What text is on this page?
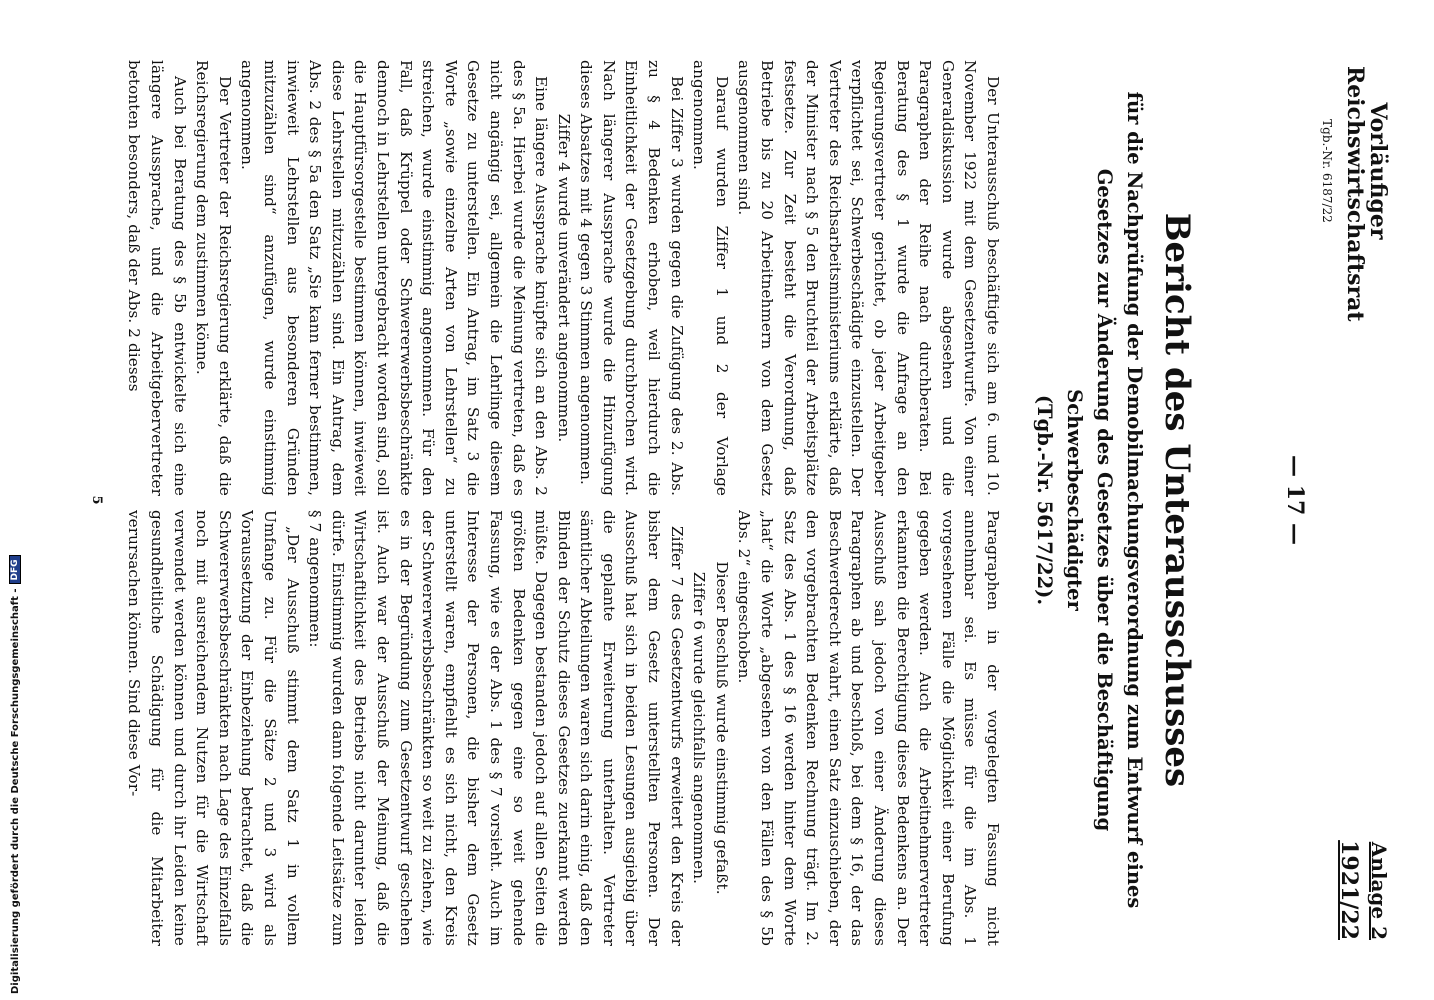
Vorläufiger
Reichswirtschaftsrat
Tgb.-Nr. 6187/22
— 17 —
Anlage 2
1921/22
Bericht des Unterausschusses
für die Nachprüfung der Demobilmachungsverordnung zum Entwurf eines
Gesetzes zur Änderung des Gesetzes über die Beschäftigung Schwerbeschädigter
(Tgb.-Nr. 5617/22).

Der Unterausschuß beschäftigte sich am 6. und 10. November 1922 mit dem Gesetzentwurfe. Von einer Generaldiskussion wurde abgesehen und die Paragraphen der Reihe nach durchberaten. Bei Beratung des § 1 wurde die Anfrage an den Regierungsvertreter gerichtet, ob jeder Arbeitgeber verpflichtet sei, Schwerbeschädigte einzustellen. Der Vertreter des Reichsarbeitsministeriums erklärte, daß der Minister nach § 5 den Bruchteil der Arbeitsplätze festsetze. Zur Zeit besteht die Verordnung, daß Betriebe bis zu 20 Arbeitnehmern von dem Gesetz ausgenommen sind.

Darauf wurden Ziffer 1 und 2 der Vorlage angenommen.

Bei Ziffer 3 wurden gegen die Zufügung des 2. Abs. zu § 4 Bedenken erhoben, weil hierdurch die Einheitlichkeit der Gesetzgebung durchbrochen wird. Nach längerer Aussprache wurde die Hinzufügung dieses Absatzes mit 4 gegen 3 Stimmen angenommen.

Ziffer 4 wurde unverändert angenommen.

Eine längere Aussprache knüpfte sich an den Abs. 2 des § 5a. Hierbei wurde die Meinung vertreten, daß es nicht angängig sei, allgemein die Lehrlinge diesem Gesetze zu unterstellen. Ein Antrag, im Satz 3 die Worte „sowie einzelne Arten von Lehrstellen“ zu streichen, wurde einstimmig angenommen. Für den Fall, daß Krüppel oder Schwererwerbsbeschränkte dennoch in Lehrstellen untergebracht worden sind, soll die Hauptfürsorgestelle bestimmen können, inwieweit diese Lehrstellen mitzuzählen sind. Ein Antrag, dem Abs. 2 des § 5a den Satz „Sie kann ferner bestimmen, inwieweit Lehrstellen aus besonderen Gründen mitzuzählen sind“ anzufügen, wurde einstimmig angenommen.

Der Vertreter der Reichsregierung erklärte, daß die Reichsregierung dem zustimmen könne.

Auch bei Beratung des § 5b entwickelte sich eine längere Aussprache, und die Arbeitgebervertreter betonten besonders, daß der Abs. 2 dieses

Paragraphen in der vorgelegten Fassung nicht annehmbar sei. Es müsse für die im Abs. 1 vorgesehenen Fälle die Möglichkeit einer Berufung gegeben werden. Auch die Arbeitnehmervertreter erkannten die Berechtigung dieses Bedenkens an. Der Ausschuß sah jedoch von einer Änderung dieses Paragraphen ab und beschloß, bei dem § 16, der das Beschwerderecht wahrt, einen Satz einzuschieben, der den vorgebrachten Bedenken Rechnung trägt. Im 2. Satz des Abs. 1 des § 16 werden hinter dem Worte „hat“ die Worte „abgesehen von den Fällen des § 5b Abs. 2“ eingeschoben.

Dieser Beschluß wurde einstimmig gefaßt.

Ziffer 6 wurde gleichfalls angenommen.

Ziffer 7 des Gesetzentwurfs erweitert den Kreis der bisher dem Gesetz unterstellten Personen. Der Ausschuß hat sich in beiden Lesungen ausgiebig über die geplante Erweiterung unterhalten. Vertreter sämtlicher Abteilungen waren sich darin einig, daß den Blinden der Schutz dieses Gesetzes zuerkannt werden müßte. Dagegen bestanden jedoch auf allen Seiten die größten Bedenken gegen eine so weit gehende Fassung, wie es der Abs. 1 des § 7 vorsieht. Auch im Interesse der Personen, die bisher dem Gesetz unterstellt waren, empfiehlt es sich nicht, den Kreis der Schwererwerbsbeschränkten so weit zu ziehen, wie es in der Begründung zum Gesetzentwurf geschehen ist. Auch war der Ausschuß der Meinung, daß die Wirtschaftlichkeit des Betriebs nicht darunter leiden dürfe. Einstimmig wurden dann folgende Leitsätze zum § 7 angenommen:

„Der Ausschuß stimmt dem Satz 1 in vollem Umfange zu. Für die Sätze 2 und 3 wird als Voraussetzung der Einbeziehung betrachtet, daß die Schwererwerbsbeschränkten nach Lage des Einzelfalls noch mit ausreichendem Nutzen für die Wirtschaft verwendet werden können und durch ihr Leiden keine gesundheitliche Schädigung für die Mitarbeiter verursachen können. Sind diese Vor-

5
Digitalisierung gefördert durch die Deutsche Forschungsgemeinschaft -
DFG
